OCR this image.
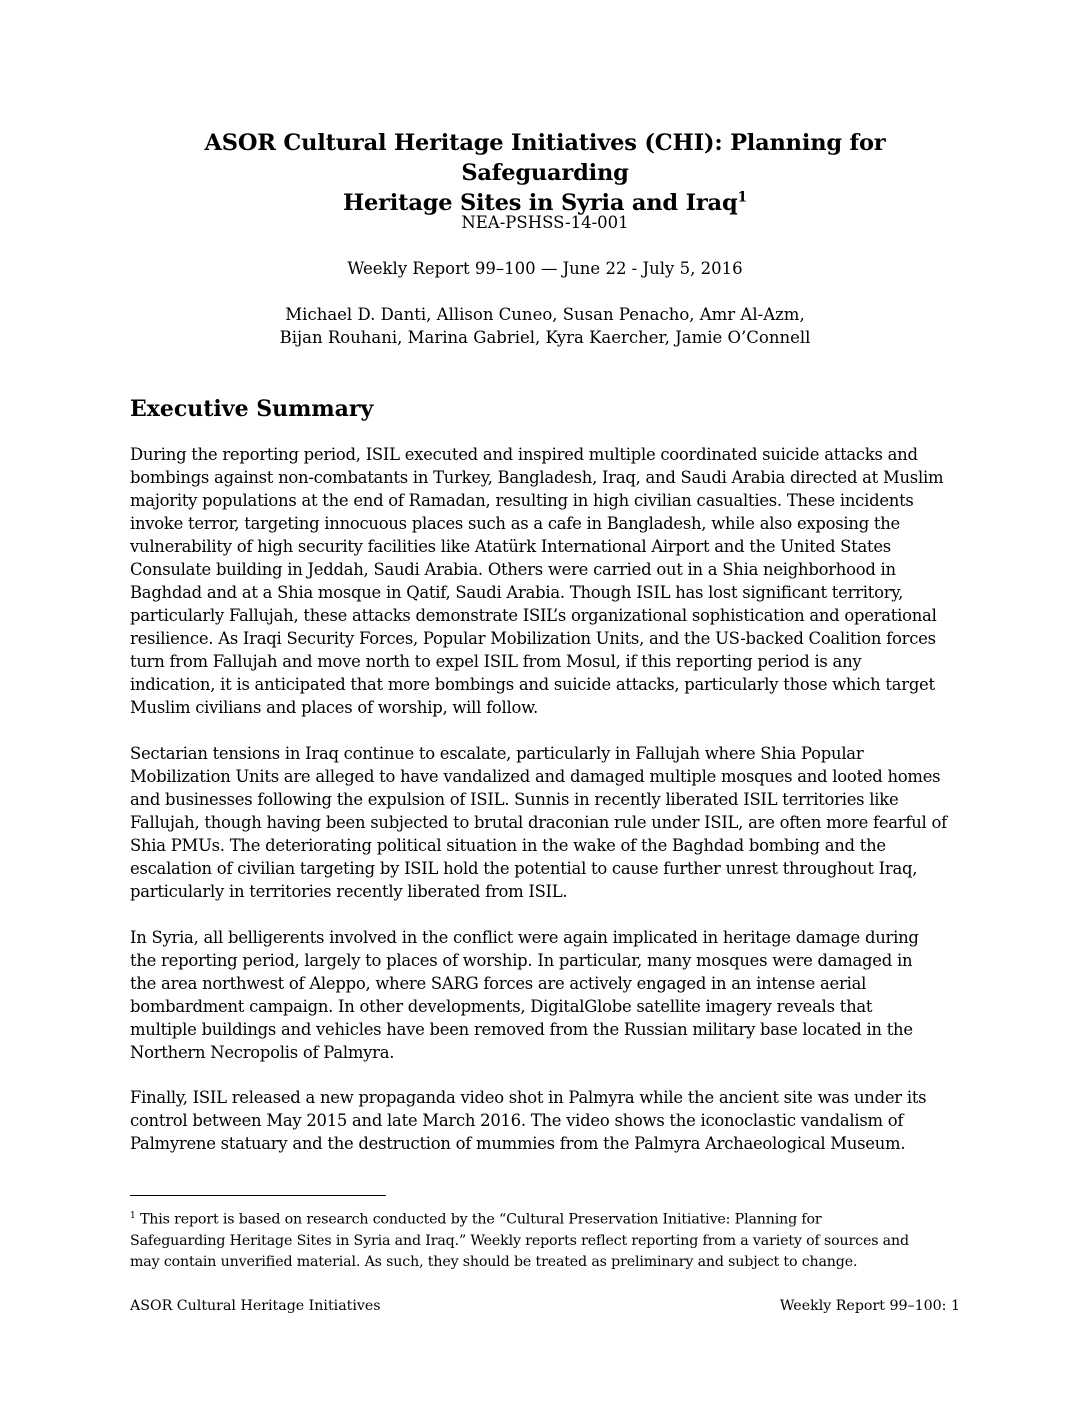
ASOR Cultural Heritage Initiatives (CHI): Planning for Safeguarding
Heritage Sites in Syria and Iraq$^1$
NEA-PSHSS-14-001
Weekly Report 99–100 — June 22 - July 5, 2016
Michael D. Danti, Allison Cuneo, Susan Penacho, Amr Al-Azm,
Bijan Rouhani, Marina Gabriel, Kyra Kaercher, Jamie O’Connell
Executive Summary

During the reporting period, ISIL executed and inspired multiple coordinated suicide attacks and
bombings against non-combatants in Turkey, Bangladesh, Iraq, and Saudi Arabia directed at Muslim
majority populations at the end of Ramadan, resulting in high civilian casualties. These incidents
invoke terror, targeting innocuous places such as a cafe in Bangladesh, while also exposing the
vulnerability of high security facilities like Atatürk International Airport and the United States
Consulate building in Jeddah, Saudi Arabia. Others were carried out in a Shia neighborhood in
Baghdad and at a Shia mosque in Qatif, Saudi Arabia. Though ISIL has lost significant territory,
particularly Fallujah, these attacks demonstrate ISIL’s organizational sophistication and operational
resilience. As Iraqi Security Forces, Popular Mobilization Units, and the US-backed Coalition forces
turn from Fallujah and move north to expel ISIL from Mosul, if this reporting period is any
indication, it is anticipated that more bombings and suicide attacks, particularly those which target
Muslim civilians and places of worship, will follow.

Sectarian tensions in Iraq continue to escalate, particularly in Fallujah where Shia Popular
Mobilization Units are alleged to have vandalized and damaged multiple mosques and looted homes
and businesses following the expulsion of ISIL. Sunnis in recently liberated ISIL territories like
Fallujah, though having been subjected to brutal draconian rule under ISIL, are often more fearful of
Shia PMUs. The deteriorating political situation in the wake of the Baghdad bombing and the
escalation of civilian targeting by ISIL hold the potential to cause further unrest throughout Iraq,
particularly in territories recently liberated from ISIL.

In Syria, all belligerents involved in the conflict were again implicated in heritage damage during
the reporting period, largely to places of worship. In particular, many mosques were damaged in
the area northwest of Aleppo, where SARG forces are actively engaged in an intense aerial
bombardment campaign. In other developments, DigitalGlobe satellite imagery reveals that
multiple buildings and vehicles have been removed from the Russian military base located in the
Northern Necropolis of Palmyra.

Finally, ISIL released a new propaganda video shot in Palmyra while the ancient site was under its
control between May 2015 and late March 2016. The video shows the iconoclastic vandalism of
Palmyrene statuary and the destruction of mummies from the Palmyra Archaeological Museum.

$^1$ This report is based on research conducted by the “Cultural Preservation Initiative: Planning for
Safeguarding Heritage Sites in Syria and Iraq.” Weekly reports reflect reporting from a variety of sources and
may contain unverified material. As such, they should be treated as preliminary and subject to change.
ASOR Cultural Heritage Initiatives	Weekly Report 99–100: 1
